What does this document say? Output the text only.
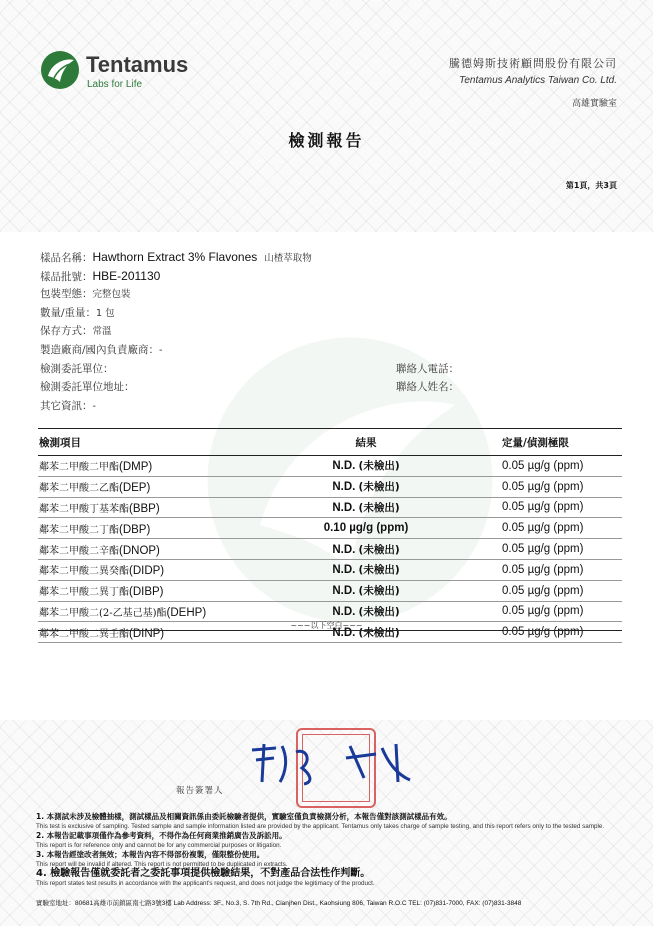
Tentamus
Labs for Life
騰德姆斯技術顧問股份有限公司
Tentamus Analytics Taiwan Co. Ltd.
高雄實驗室
檢測報告
第1頁，共3頁
樣品名稱：Hawthorn Extract 3% Flavones 山楂萃取物
樣品批號：HBE-201130
包裝型態：完整包裝
數量/重量：1 包
保存方式：常溫
製造廠商/國內負責廠商：-
檢測委託單位：	聯絡人電話：
檢測委託單位地址：	聯絡人姓名：
其它資訊：-
檢測項目	結果	定量/偵測極限
鄰苯二甲酸二甲酯(DMP)	N.D. (未檢出)	0.05 µg/g (ppm)
鄰苯二甲酸二乙酯(DEP)	N.D. (未檢出)	0.05 µg/g (ppm)
鄰苯二甲酸丁基苯酯(BBP)	N.D. (未檢出)	0.05 µg/g (ppm)
鄰苯二甲酸二丁酯(DBP)	0.10 µg/g (ppm)	0.05 µg/g (ppm)
鄰苯二甲酸二辛酯(DNOP)	N.D. (未檢出)	0.05 µg/g (ppm)
鄰苯二甲酸二異癸酯(DIDP)	N.D. (未檢出)	0.05 µg/g (ppm)
鄰苯二甲酸二異丁酯(DIBP)	N.D. (未檢出)	0.05 µg/g (ppm)
鄰苯二甲酸二(2-乙基己基)酯(DEHP)	N.D. (未檢出)	0.05 µg/g (ppm)
鄰苯二甲酸二異壬酯(DINP)	N.D. (未檢出)	0.05 µg/g (ppm)
~~~以下空白~~~
報告簽署人
1. 本測試未涉及檢體抽樣，測試樣品及相關資訊係由委託檢驗者提供，實驗室僅負責檢測分析，本報告僅對該測試樣品有效。
This test is exclusive of sampling. Tested sample and sample information listed are provided by the applicant. Tentamus only takes charge of sample testing, and this report refers only to the tested sample.
2. 本報告記載事項僅作為參考資料，不得作為任何商業推銷廣告及訴訟用。
This report is for reference only and cannot be for any commercial purposes or litigation.
3. 本報告經塗改者無效；本報告內容不得部份複製，僅限整份使用。
This report will be invalid if altered. This report is not permitted to be duplicated in extracts.
4. 檢驗報告僅就委託者之委託事項提供檢驗結果，不對產品合法性作判斷。
This report states test results in accordance with the applicant's request, and does not judge the legitimacy of the product.
實驗室地址：80681高雄市前鎮區南七路3號3樓 Lab Address: 3F., No.3, S. 7th Rd., Cianjhen Dist., Kaohsiung 806, Taiwan R.O.C TEL: (07)831-7000, FAX: (07)831-3848
